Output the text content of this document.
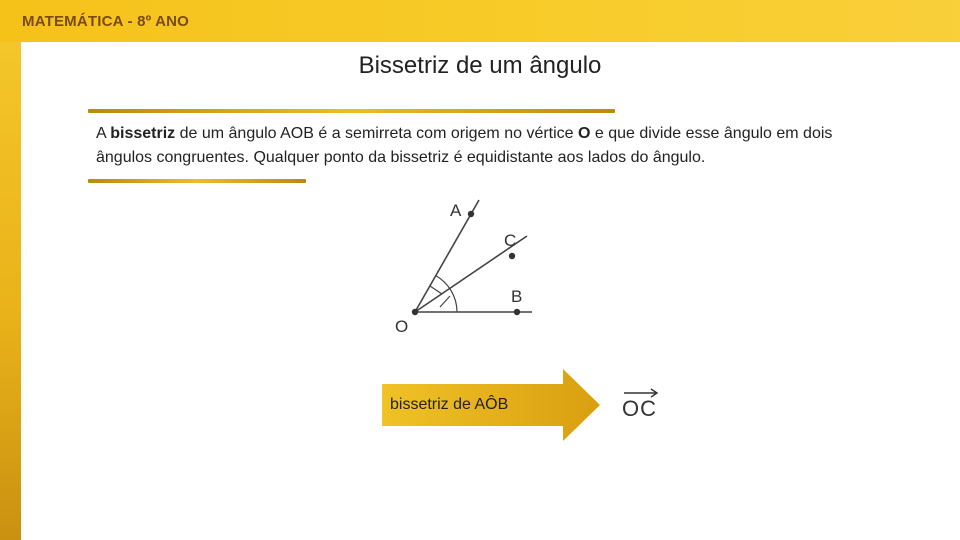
MATEMÁTICA - 8º ANO
Bissetriz de um ângulo
A bissetriz de um ângulo AOB é a semirreta com origem no vértice O e que divide esse ângulo em dois ângulos congruentes. Qualquer ponto da bissetriz é equidistante aos lados do ângulo.
A
C
B
O
bissetriz de AÔB	OC
